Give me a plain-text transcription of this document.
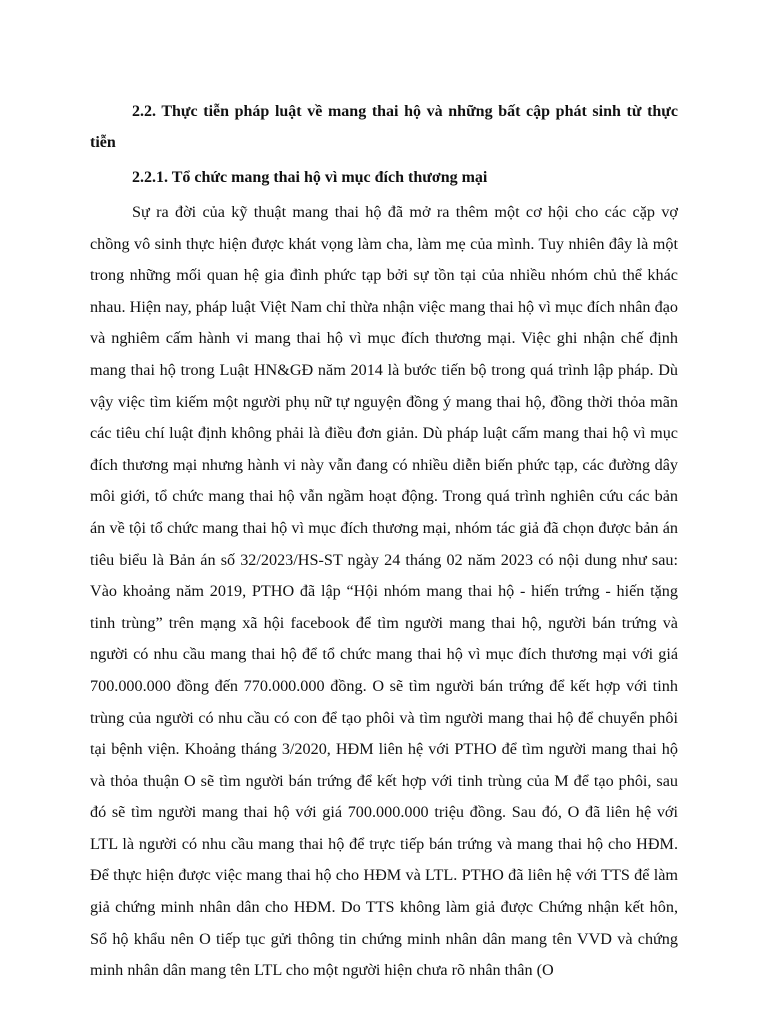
2.2. Thực tiễn pháp luật về mang thai hộ và những bất cập phát sinh từ thực tiễn

2.2.1. Tổ chức mang thai hộ vì mục đích thương mại

Sự ra đời của kỹ thuật mang thai hộ đã mở ra thêm một cơ hội cho các cặp vợ chồng vô sinh thực hiện được khát vọng làm cha, làm mẹ của mình. Tuy nhiên đây là một trong những mối quan hệ gia đình phức tạp bởi sự tồn tại của nhiều nhóm chủ thể khác nhau. Hiện nay, pháp luật Việt Nam chỉ thừa nhận việc mang thai hộ vì mục đích nhân đạo và nghiêm cấm hành vi mang thai hộ vì mục đích thương mại. Việc ghi nhận chế định mang thai hộ trong Luật HN&GĐ năm 2014 là bước tiến bộ trong quá trình lập pháp. Dù vậy việc tìm kiếm một người phụ nữ tự nguyện đồng ý mang thai hộ, đồng thời thỏa mãn các tiêu chí luật định không phải là điều đơn giản. Dù pháp luật cấm mang thai hộ vì mục đích thương mại nhưng hành vi này vẫn đang có nhiều diễn biến phức tạp, các đường dây môi giới, tổ chức mang thai hộ vẫn ngầm hoạt động. Trong quá trình nghiên cứu các bản án về tội tổ chức mang thai hộ vì mục đích thương mại, nhóm tác giả đã chọn được bản án tiêu biểu là Bản án số 32/2023/HS-ST ngày 24 tháng 02 năm 2023 có nội dung như sau: Vào khoảng năm 2019, PTHO đã lập “Hội nhóm mang thai hộ - hiến trứng - hiến tặng tinh trùng” trên mạng xã hội facebook để tìm người mang thai hộ, người bán trứng và người có nhu cầu mang thai hộ để tổ chức mang thai hộ vì mục đích thương mại với giá 700.000.000 đồng đến 770.000.000 đồng. O sẽ tìm người bán trứng để kết hợp với tinh trùng của người có nhu cầu có con để tạo phôi và tìm người mang thai hộ để chuyển phôi tại bệnh viện. Khoảng tháng 3/2020, HĐM liên hệ với PTHO để tìm người mang thai hộ và thỏa thuận O sẽ tìm người bán trứng để kết hợp với tinh trùng của M để tạo phôi, sau đó sẽ tìm người mang thai hộ với giá 700.000.000 triệu đồng. Sau đó, O đã liên hệ với LTL là người có nhu cầu mang thai hộ để trực tiếp bán trứng và mang thai hộ cho HĐM. Để thực hiện được việc mang thai hộ cho HĐM và LTL. PTHO đã liên hệ với TTS để làm giả chứng minh nhân dân cho HĐM. Do TTS không làm giả được Chứng nhận kết hôn, Sổ hộ khẩu nên O tiếp tục gửi thông tin chứng minh nhân dân mang tên VVD và chứng minh nhân dân mang tên LTL cho một người hiện chưa rõ nhân thân (O
